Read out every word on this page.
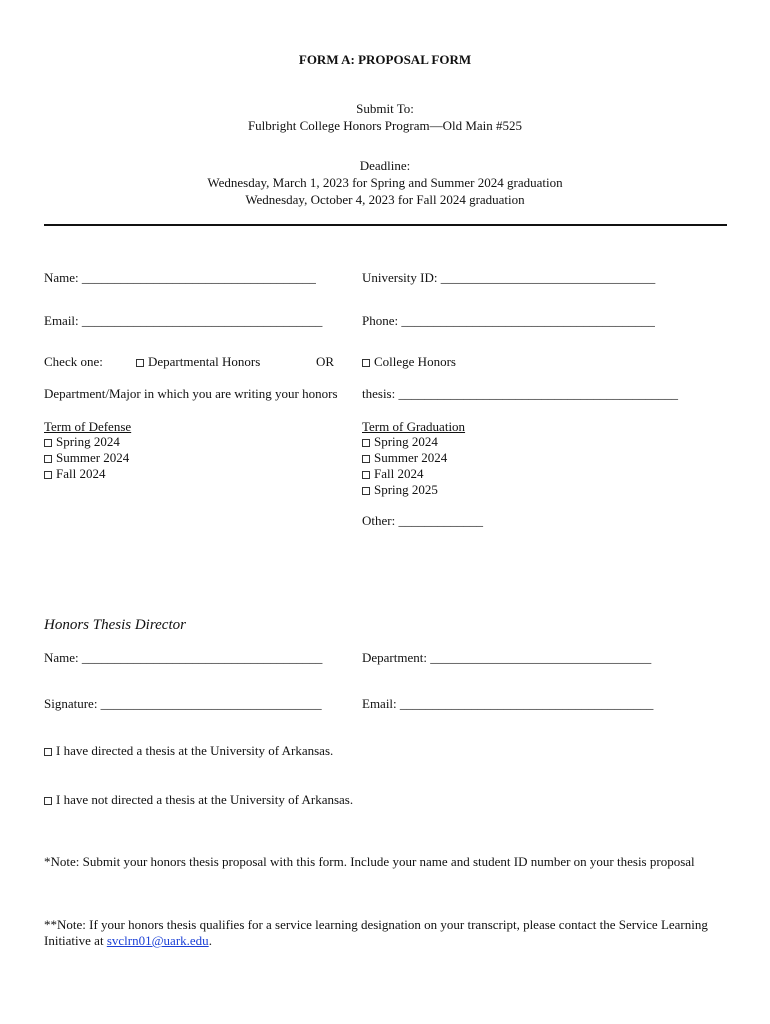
FORM A: PROPOSAL FORM
Submit To:
Fulbright College Honors Program—Old Main #525
Deadline:
Wednesday, March 1, 2023 for Spring and Summer 2024 graduation
Wednesday, October 4, 2023 for Fall 2024 graduation
Name: ____________________________________	University ID: _________________________________
Email: _____________________________________	Phone: _______________________________________
Check one:	Departmental Honors	OR	College Honors
Department/Major in which you are writing your honors thesis: ___________________________________________
Term of Defense
Spring 2024
Summer 2024
Fall 2024
Term of Graduation
Spring 2024
Summer 2024
Fall 2024
Spring 2025
Other: _____________
Honors Thesis Director
Name: _____________________________________	Department: __________________________________
Signature: __________________________________	Email: _______________________________________
I have directed a thesis at the University of Arkansas.
I have not directed a thesis at the University of Arkansas.
*Note: Submit your honors thesis proposal with this form. Include your name and student ID number on your thesis proposal
**Note: If your honors thesis qualifies for a service learning designation on your transcript, please contact the Service Learning Initiative at svclrn01@uark.edu.
